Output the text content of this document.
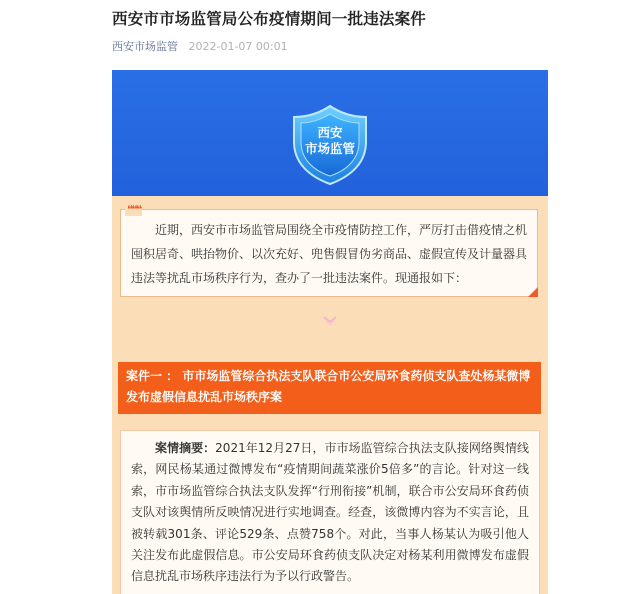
西安市市场监管局公布疫情期间一批违法案件
西安市场监管 2022-01-07 00:01
西安
市场监管
❝❝❝
近期，西安市市场监管局围绕全市疫情防控工作，严厉打击借疫情之机囤积居奇、哄抬物价、以次充好、兜售假冒伪劣商品、虚假宣传及计量器具违法等扰乱市场秩序行为，查办了一批违法案件。现通报如下：
案件一 ： 市市场监管综合执法支队联合市公安局环食药侦支队查处杨某微博发布虚假信息扰乱市场秩序案
案情摘要：2021年12月27日，市市场监管综合执法支队接网络舆情线索，网民杨某通过微博发布“疫情期间蔬菜涨价5倍多”的言论。针对这一线索，市市场监管综合执法支队发挥“行刑衔接”机制，联合市公安局环食药侦支队对该舆情所反映情况进行实地调查。经查，该微博内容为不实言论，且被转载301条、评论529条、点赞758个。对此，当事人杨某认为吸引他人关注发布此虚假信息。市公安局环食药侦支队决定对杨某利用微博发布虚假信息扰乱市场秩序违法行为予以行政警告。
